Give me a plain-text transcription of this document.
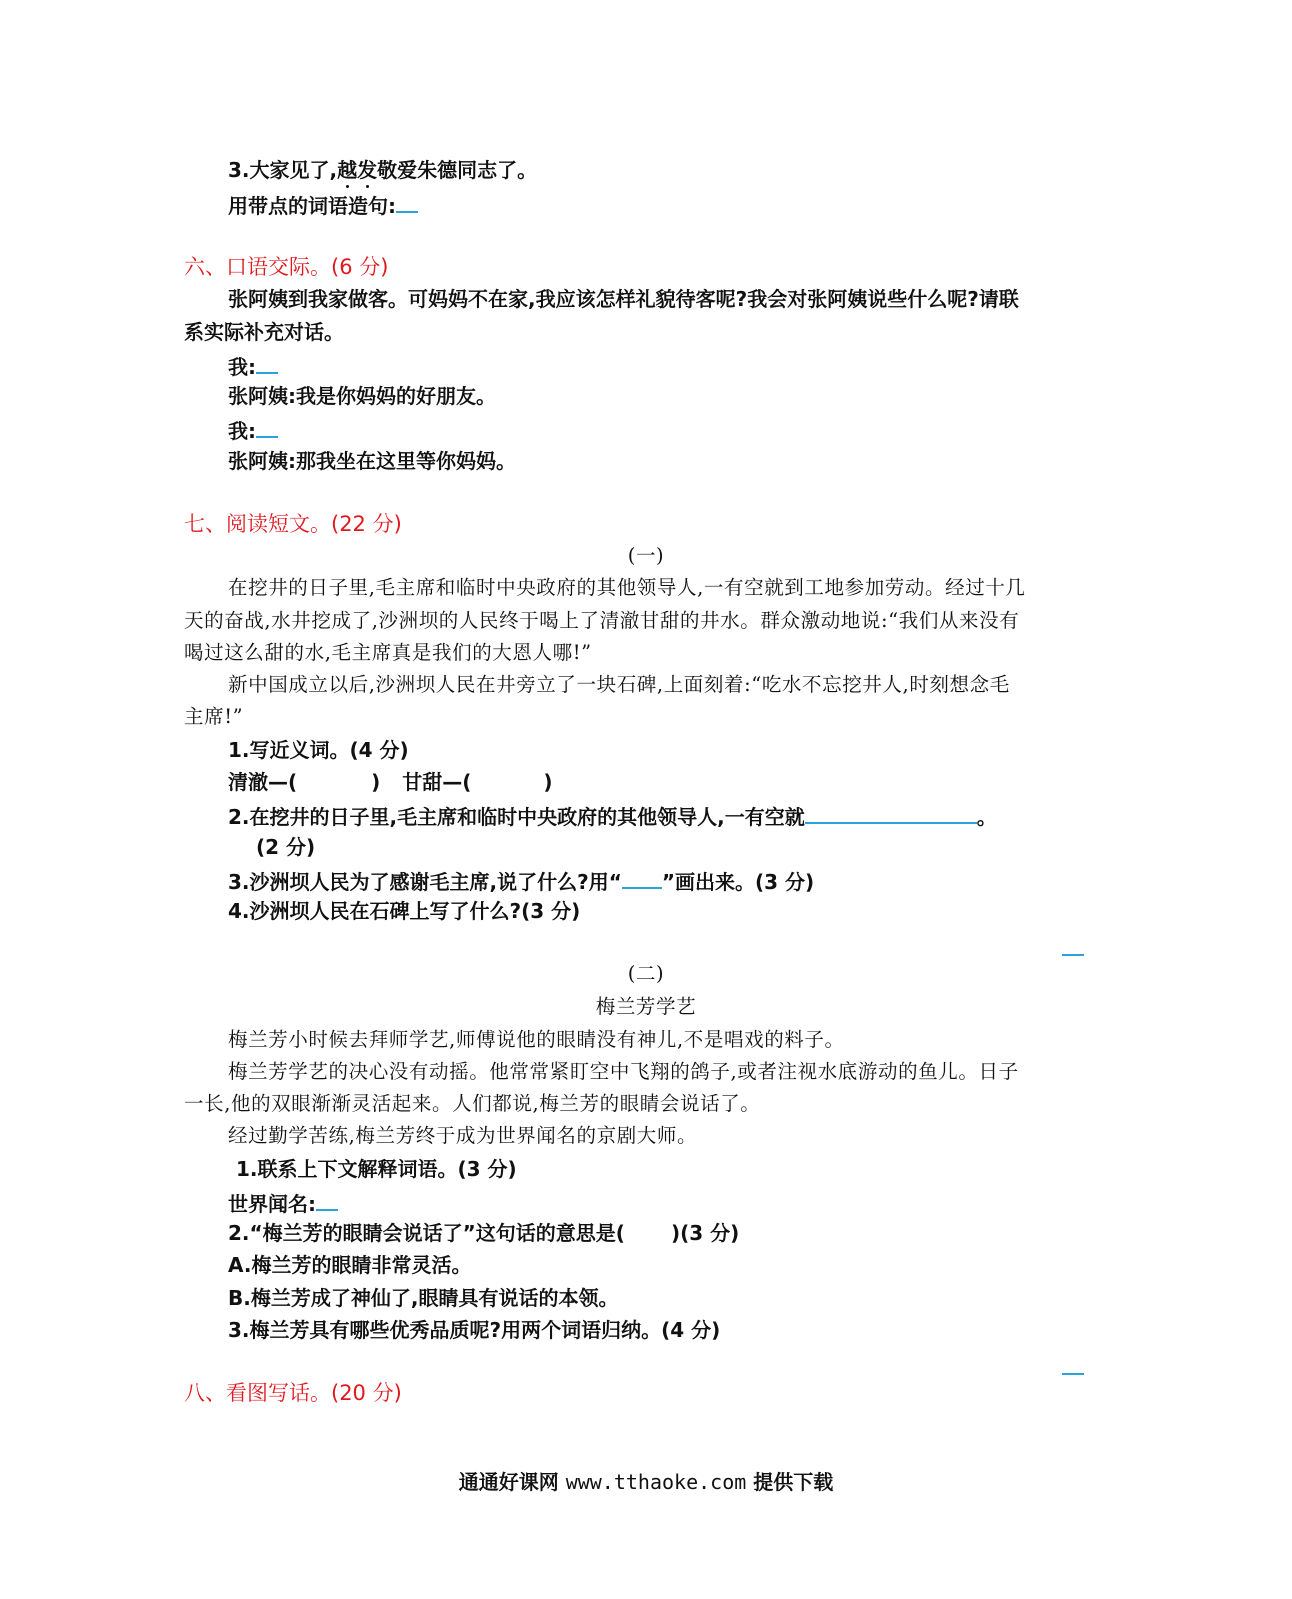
3.大家见了,越发敬爱朱德同志了。
用带点的词语造句:
六、口语交际。(6 分)
张阿姨到我家做客。可妈妈不在家,我应该怎样礼貌待客呢?我会对张阿姨说些什么呢?请联
系实际补充对话。
我:
张阿姨:我是你妈妈的好朋友。
我:
张阿姨:那我坐在这里等你妈妈。
七、阅读短文。(22 分)
(一)
在挖井的日子里,毛主席和临时中央政府的其他领导人,一有空就到工地参加劳动。经过十几
天的奋战,水井挖成了,沙洲坝的人民终于喝上了清澈甘甜的井水。群众激动地说:“我们从来没有
喝过这么甜的水,毛主席真是我们的大恩人哪!”
新中国成立以后,沙洲坝人民在井旁立了一块石碑,上面刻着:“吃水不忘挖井人,时刻想念毛
主席!”
1.写近义词。(4 分)
清澈—(	) 甘甜—(	)
2.在挖井的日子里,毛主席和临时中央政府的其他领导人,一有空就	。
(2 分)
3.沙洲坝人民为了感谢毛主席,说了什么?用“ ”画出来。(3 分)
4.沙洲坝人民在石碑上写了什么?(3 分)
(二)
梅兰芳学艺
梅兰芳小时候去拜师学艺,师傅说他的眼睛没有神儿,不是唱戏的料子。
梅兰芳学艺的决心没有动摇。他常常紧盯空中飞翔的鸽子,或者注视水底游动的鱼儿。日子
一长,他的双眼渐渐灵活起来。人们都说,梅兰芳的眼睛会说话了。
经过勤学苦练,梅兰芳终于成为世界闻名的京剧大师。
1.联系上下文解释词语。(3 分)
世界闻名:
2.“梅兰芳的眼睛会说话了”这句话的意思是( )(3 分)
A.梅兰芳的眼睛非常灵活。
B.梅兰芳成了神仙了,眼睛具有说话的本领。
3.梅兰芳具有哪些优秀品质呢?用两个词语归纳。(4 分)
八、看图写话。(20 分)
通通好课网 www.tthaoke.com 提供下载
